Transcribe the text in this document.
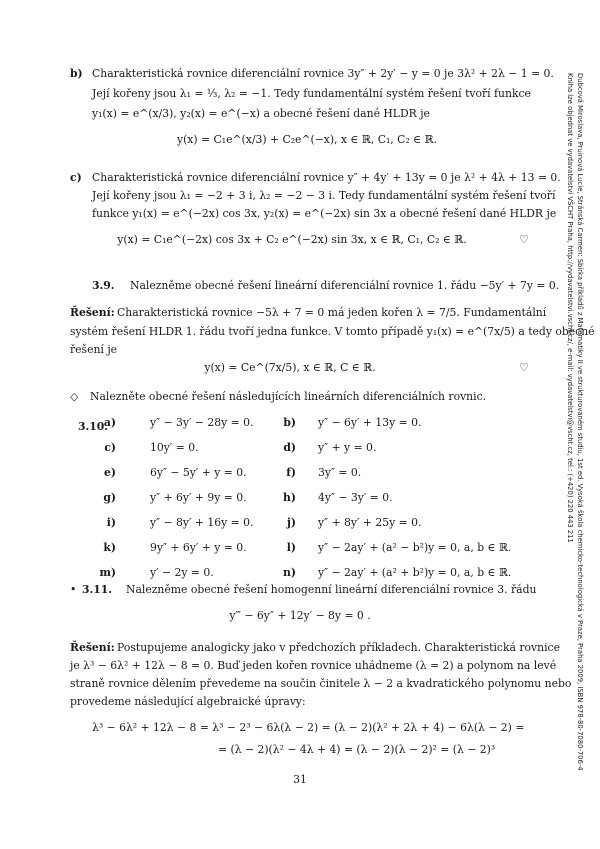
Dubcová Miroslava, Pruinová Lucie, Stránská Carmen: Sbírka příkladů z Matematiky II ve strukturovaném studiu, 1st ed. Vysoká škola chemicko-technologická v Praze, Praha 2009, ISBN 978-80-7080-706-4
Kniha lze objednat ve vydavatelství VŠCHT Praha, http://vydavatelstvi.vscht.cz/, e-mail: vydavatelstvi@vscht.cz, tel.: (+420) 220 443 211
b) Charakteristická rovnice diferenciální rovnice 3y″ + 2y′ − y = 0 je 3λ² + 2λ − 1 = 0.
Její kořeny jsou λ₁ = ⅓, λ₂ = −1. Tedy fundamentální systém řešení tvoří funkce
y₁(x) = e^(x/3), y₂(x) = e^(−x) a obecné řešení dané HLDR je
y(x) = C₁e^(x/3) + C₂e^(−x), x ∈ ℝ, C₁, C₂ ∈ ℝ.
c) Charakteristická rovnice diferenciální rovnice y″ + 4y′ + 13y = 0 je λ² + 4λ + 13 = 0.
Její kořeny jsou λ₁ = −2 + 3 i, λ₂ = −2 − 3 i. Tedy fundamentální systém řešení tvoří
funkce y₁(x) = e^(−2x) cos 3x, y₂(x) = e^(−2x) sin 3x a obecné řešení dané HLDR je
y(x) = C₁e^(−2x) cos 3x + C₂ e^(−2x) sin 3x, x ∈ ℝ, C₁, C₂ ∈ ℝ.	♡
3.9. Nalezněme obecné řešení lineární diferenciální rovnice 1. řádu −5y′ + 7y = 0.
Řešení: Charakteristická rovnice −5λ + 7 = 0 má jeden kořen λ = 7/5. Fundamentální
systém řešení HLDR 1. řádu tvoří jedna funkce. V tomto případě y₁(x) = e^(7x/5) a tedy obecné
řešení je
y(x) = Ce^(7x/5), x ∈ ℝ, C ∈ ℝ.	♡
◇ Nalezněte obecné řešení následujících lineárních diferenciálních rovnic.
3.10.
a)	y″ − 3y′ − 28y = 0.	b) y″ − 6y′ + 13y = 0.
c)	10y′ = 0.	d) y″ + y = 0.
e)	6y″ − 5y′ + y = 0.	f) 3y″ = 0.
g)	y″ + 6y′ + 9y = 0.	h) 4y″ − 3y′ = 0.
i)	y″ − 8y′ + 16y = 0.	j) y″ + 8y′ + 25y = 0.
k)	9y″ + 6y′ + y = 0.	l) y″ − 2ay′ + (a² − b²)y = 0, a, b ∈ ℝ.
m)	y′ − 2y = 0.	n) y″ − 2ay′ + (a² + b²)y = 0, a, b ∈ ℝ.
• 3.11. Nalezněme obecné řešení homogenní lineární diferenciální rovnice 3. řádu
y‴ − 6y″ + 12y′ − 8y = 0 .
Řešení: Postupujeme analogicky jako v předchozích příkladech. Charakteristická rovnice
je λ³ − 6λ² + 12λ − 8 = 0. Buď jeden kořen rovnice uhádneme (λ = 2) a polynom na levé
straně rovnice dělením převedeme na součin činitele λ − 2 a kvadratického polynomu nebo
provedeme následující algebraické úpravy:
λ³ − 6λ² + 12λ − 8 = λ³ − 2³ − 6λ(λ − 2) = (λ − 2)(λ² + 2λ + 4) − 6λ(λ − 2) =
= (λ − 2)(λ² − 4λ + 4) = (λ − 2)(λ − 2)² = (λ − 2)³
31
